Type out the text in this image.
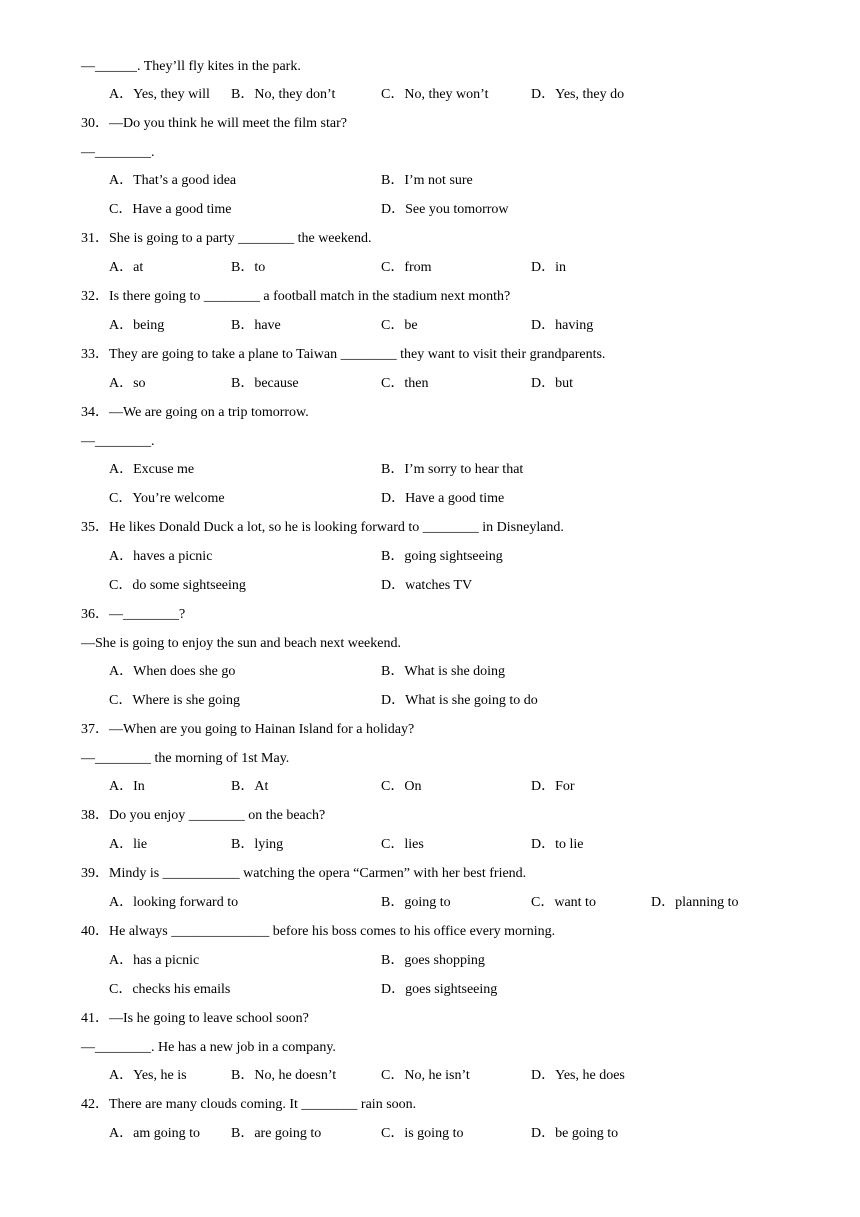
—______. They’ll fly kites in the park.
A．Yes, they will B．No, they don’t	C．No, they won’t	D．Yes, they do
30．—Do you think he will meet the film star?
—________.
A．That’s a good idea	B．I’m not sure
C．Have a good time	D．See you tomorrow
31．She is going to a party ________ the weekend.
A．at	B．to	C．from	D．in
32．Is there going to ________ a football match in the stadium next month?
A．being	B．have	C．be	D．having
33．They are going to take a plane to Taiwan ________ they want to visit their grandparents.
A．so	B．because	C．then	D．but
34．—We are going on a trip tomorrow.
—________.
A．Excuse me	B．I’m sorry to hear that
C．You’re welcome	D．Have a good time
35．He likes Donald Duck a lot, so he is looking forward to ________ in Disneyland.
A．haves a picnic	B．going sightseeing
C．do some sightseeing	D．watches TV
36．—________?
—She is going to enjoy the sun and beach next weekend.
A．When does she go	B．What is she doing
C．Where is she going	D．What is she going to do
37．—When are you going to Hainan Island for a holiday?
—________ the morning of 1st May.
A．In	B．At	C．On	D．For
38．Do you enjoy ________ on the beach?
A．lie	B．lying	C．lies	D．to lie
39．Mindy is ___________ watching the opera “Carmen” with her best friend.
A．looking forward to	B．going to	C．want to	D．planning to
40．He always ______________ before his boss comes to his office every morning.
A．has a picnic	B．goes shopping
C．checks his emails	D．goes sightseeing
41．—Is he going to leave school soon?
—________. He has a new job in a company.
A．Yes, he is	B．No, he doesn’t	C．No, he isn’t	D．Yes, he does
42．There are many clouds coming. It ________ rain soon.
A．am going to B．are going to	C．is going to	D．be going to
